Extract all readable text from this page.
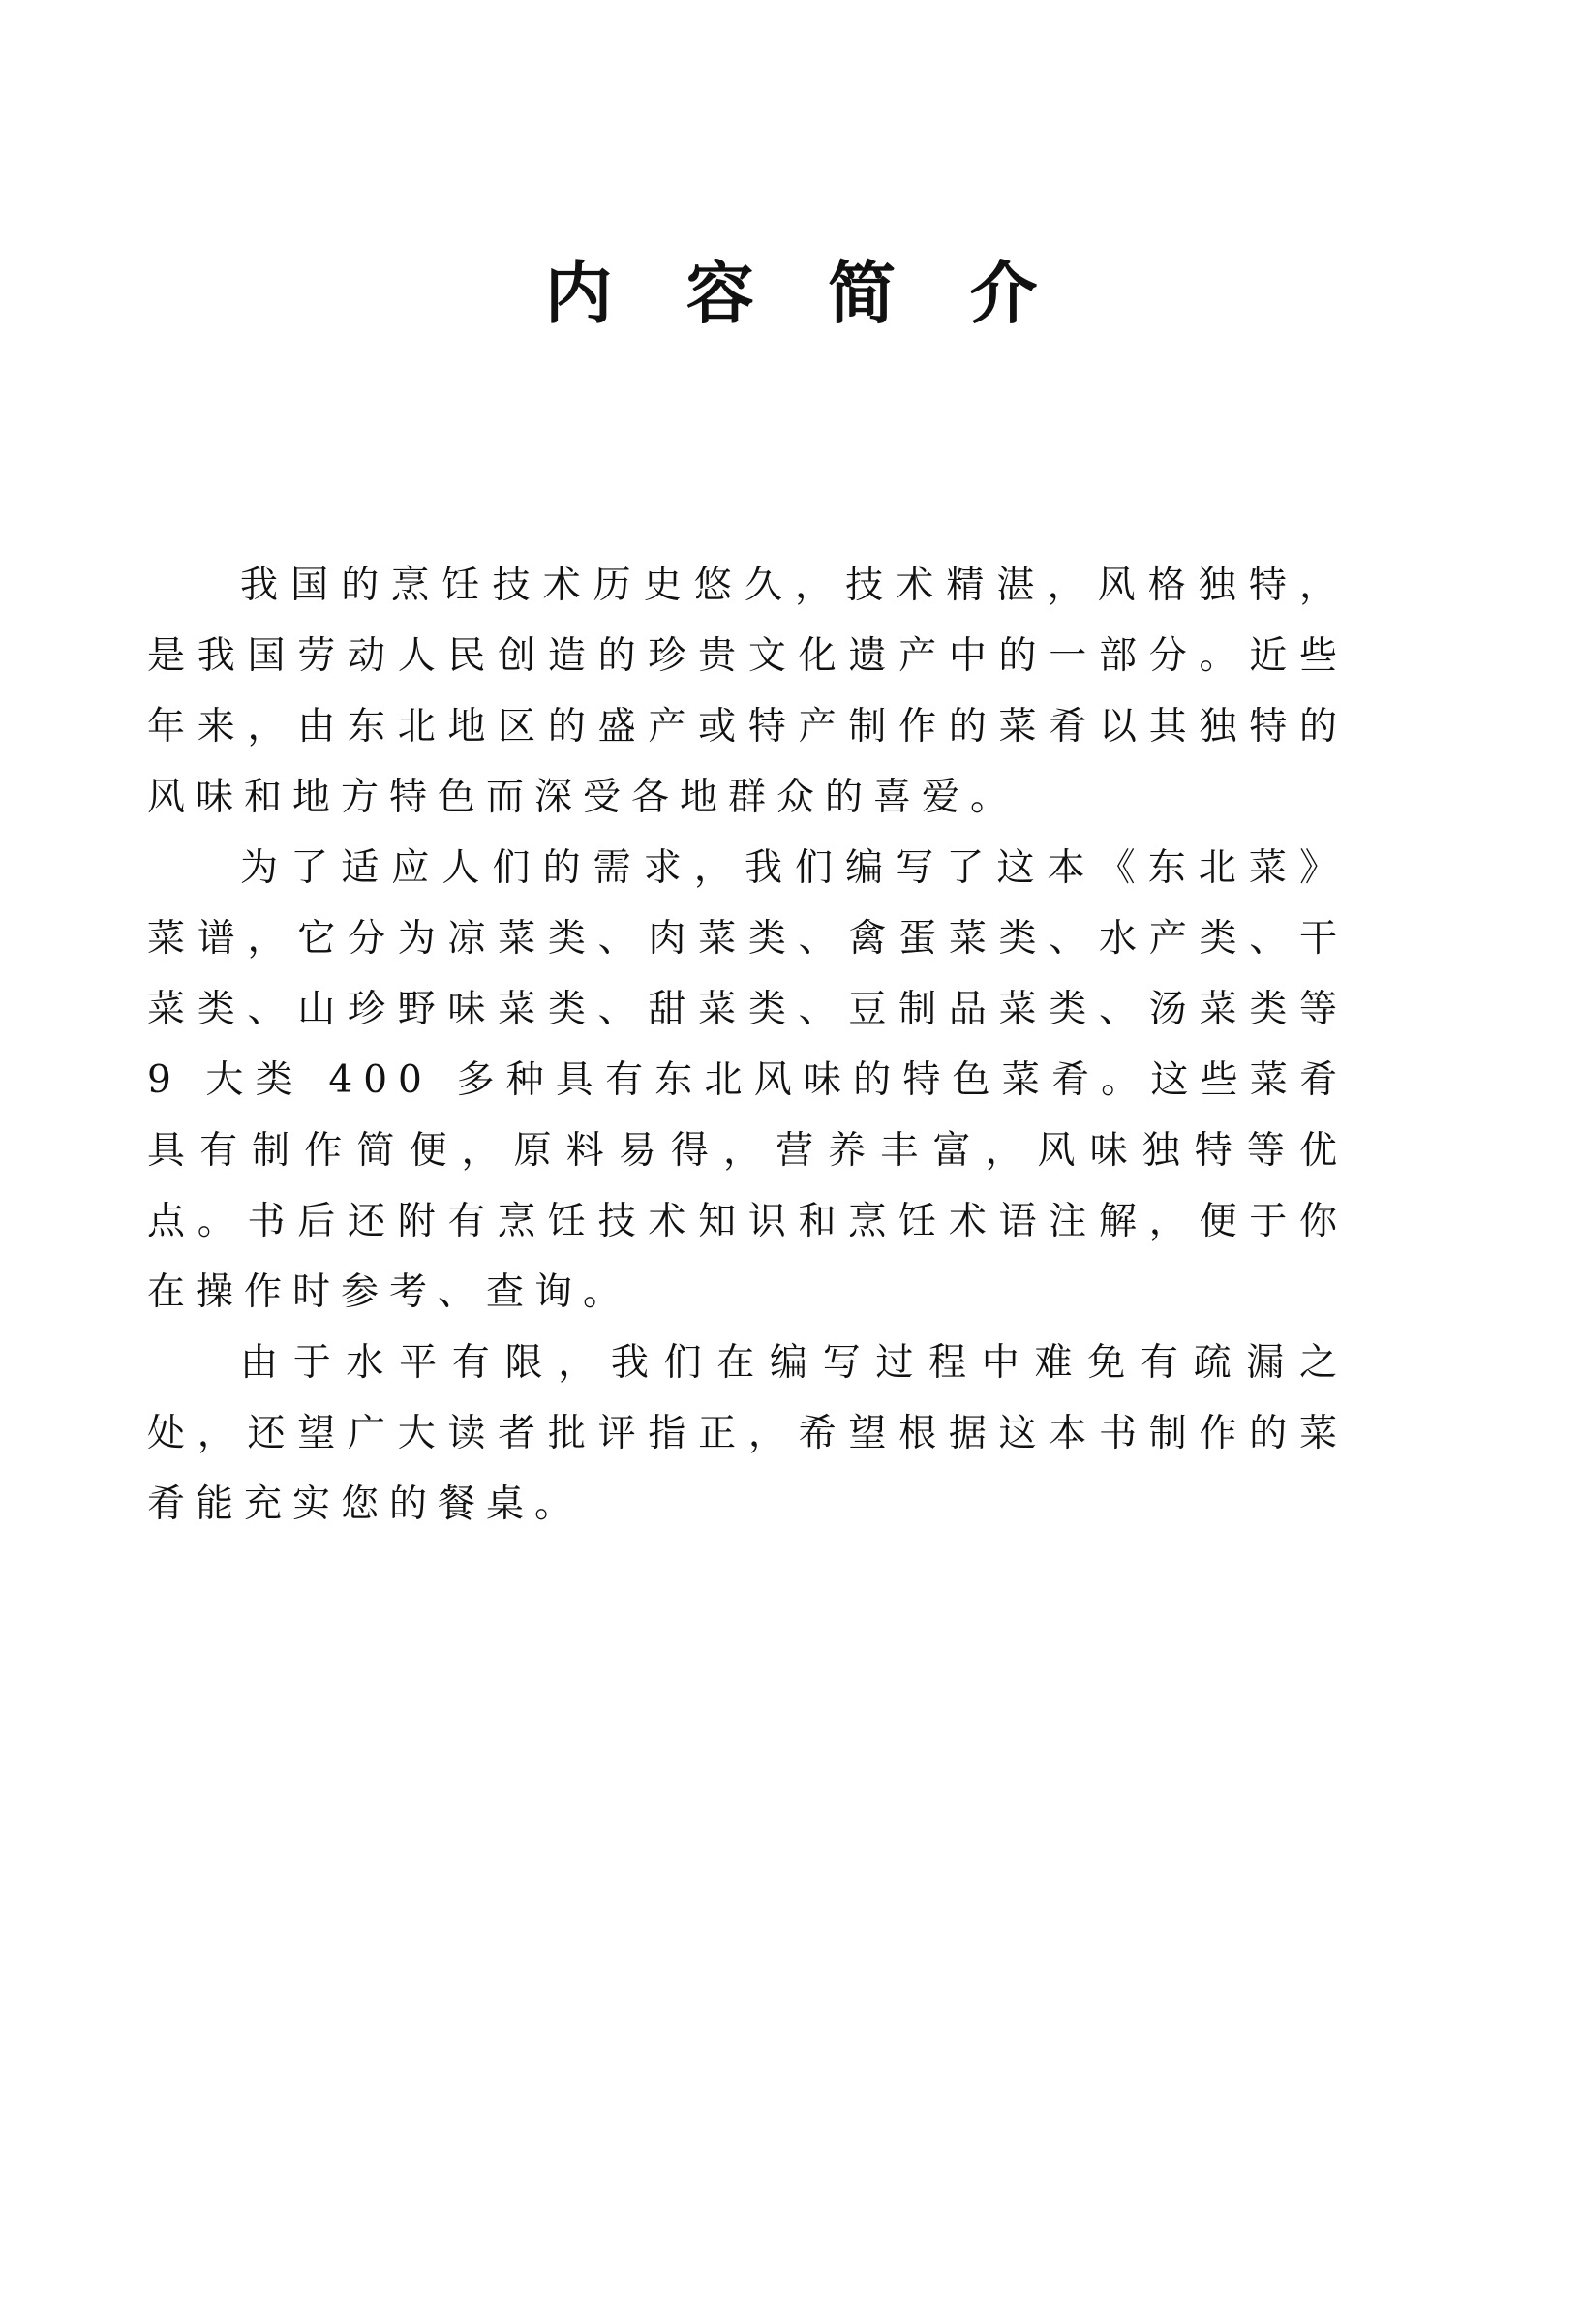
内 容 简 介

我国的烹饪技术历史悠久，技术精湛，风格独特，是我国劳动人民创造的珍贵文化遗产中的一部分。近些年来，由东北地区的盛产或特产制作的菜肴以其独特的风味和地方特色而深受各地群众的喜爱。

为了适应人们的需求，我们编写了这本《东北菜》菜谱，它分为凉菜类、肉菜类、禽蛋菜类、水产类、干菜类、山珍野味菜类、甜菜类、豆制品菜类、汤菜类等 9 大类 400 多种具有东北风味的特色菜肴。这些菜肴具有制作简便，原料易得，营养丰富，风味独特等优点。书后还附有烹饪技术知识和烹饪术语注解，便于你在操作时参考、查询。

由于水平有限，我们在编写过程中难免有疏漏之处，还望广大读者批评指正，希望根据这本书制作的菜肴能充实您的餐桌。
